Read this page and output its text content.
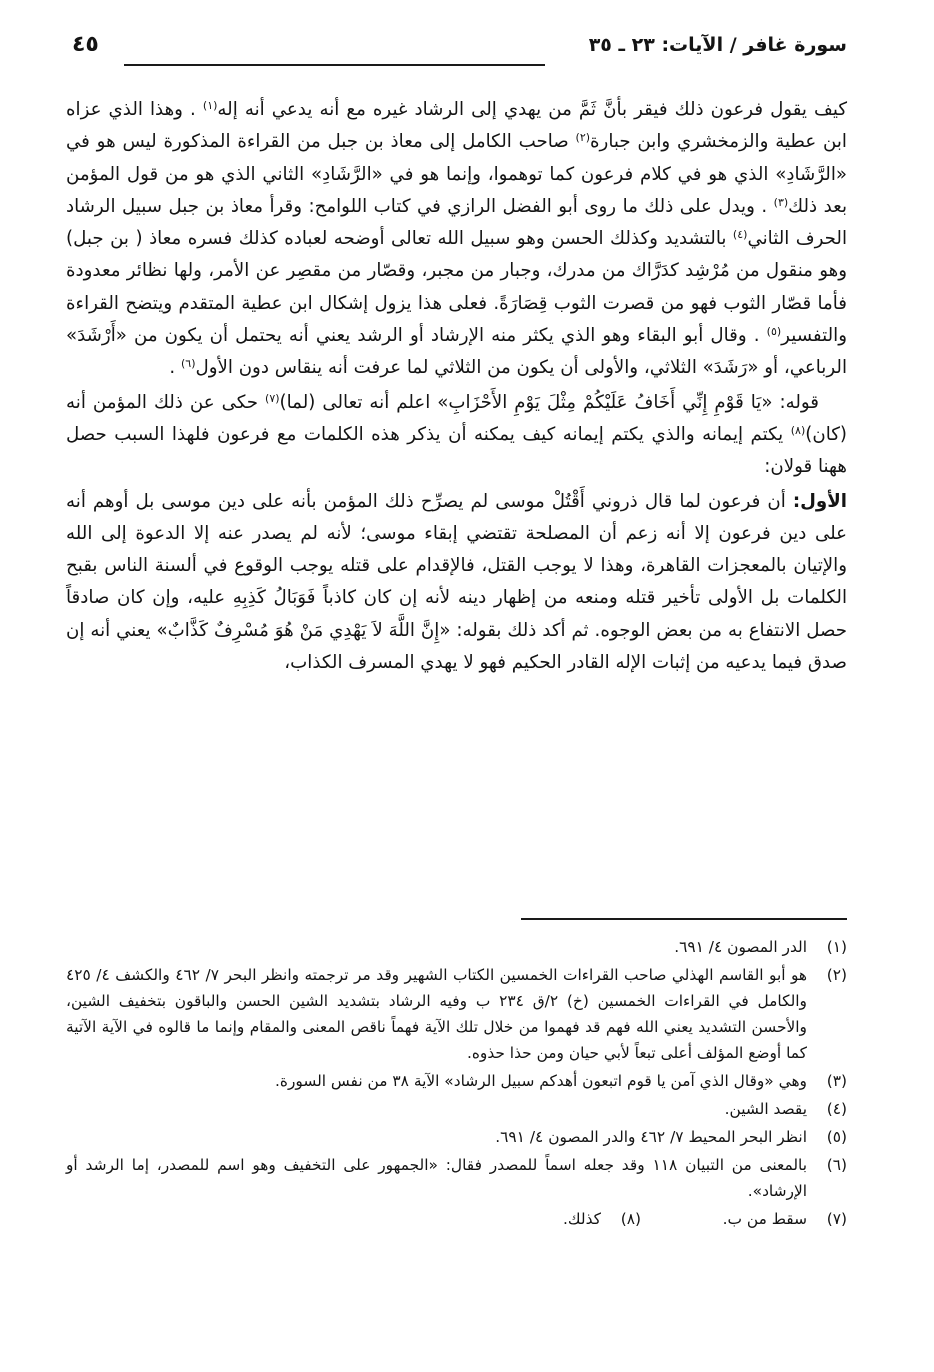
سورة غافر / الآيات: ٢٣ ـ ٣٥
٤٥

كيف يقول فرعون ذلك فيقر بأنَّ ثَمَّ من يهدي إلى الرشاد غيره مع أنه يدعي أنه إله$^{(١)}$ . وهذا الذي عزاه ابن عطية والزمخشري وابن جبارة$^{(٢)}$ صاحب الكامل إلى معاذ بن جبل من القراءة المذكورة ليس هو في «الرَّشَادِ» الذي هو في كلام فرعون كما توهموا، وإنما هو في «الرَّشَادِ» الثاني الذي هو من قول المؤمن بعد ذلك$^{(٣)}$ . ويدل على ذلك ما روى أبو الفضل الرازي في كتاب اللوامح: وقرأ معاذ بن جبل سبيل الرشاد الحرف الثاني$^{(٤)}$ بالتشديد وكذلك الحسن وهو سبيل الله تعالى أوضحه لعباده كذلك فسره معاذ ( بن جبل) وهو منقول من مُرْشِد كدَرَّاك من مدرك، وجبار من مجبر، وقصّار من مقصِر عن الأمر، ولها نظائر معدودة فأما قصّار الثوب فهو من قصرت الثوب قِصَارَةً. فعلى هذا يزول إشكال ابن عطية المتقدم ويتضح القراءة والتفسير$^{(٥)}$ . وقال أبو البقاء وهو الذي يكثر منه الإرشاد أو الرشد يعني أنه يحتمل أن يكون من «أَرْشَدَ» الرباعي، أو «رَشَدَ» الثلاثي، والأولى أن يكون من الثلاثي لما عرفت أنه ينقاس دون الأول$^{(٦)}$ .

قوله: «يَا قَوْمِ إِنِّي أَخَافُ عَلَيْكُمْ مِثْلَ يَوْمِ الأَحْزَابِ» اعلم أنه تعالى (لما)$^{(٧)}$ حكى عن ذلك المؤمن أنه (كان)$^{(٨)}$ يكتم إيمانه والذي يكتم إيمانه كيف يمكنه أن يذكر هذه الكلمات مع فرعون فلهذا السبب حصل ههنا قولان:

الأول: أن فرعون لما قال ذروني أَقْتُلْ موسى لم يصرِّح ذلك المؤمن بأنه على دين موسى بل أوهم أنه على دين فرعون إلا أنه زعم أن المصلحة تقتضي إبقاء موسى؛ لأنه لم يصدر عنه إلا الدعوة إلى الله والإتيان بالمعجزات القاهرة، وهذا لا يوجب القتل، فالإقدام على قتله يوجب الوقوع في ألسنة الناس بقبح الكلمات بل الأولى تأخير قتله ومنعه من إظهار دينه لأنه إن كان كاذباً فَوَبَالُ كَذِبِهِ عليه، وإن كان صادقاً حصل الانتفاع به من بعض الوجوه. ثم أكد ذلك بقوله: «إِنَّ اللَّهَ لاَ يَهْدِي مَنْ هُوَ مُسْرِفٌ كَذَّابٌ» يعني أنه إن صدق فيما يدعيه من إثبات الإله القادر الحكيم فهو لا يهدي المسرف الكذاب،

(١)
الدر المصون ٤/ ٦٩١.
(٢)
هو أبو القاسم الهذلي صاحب القراءات الخمسين الكتاب الشهير وقد مر ترجمته وانظر البحر ٧/ ٤٦٢ والكشف ٤/ ٤٢٥ والكامل في القراءات الخمسين (خ) ٢/ق ٢٣٤ ب وفيه الرشاد بتشديد الشين الحسن والباقون بتخفيف الشين، والأحسن التشديد يعني الله فهم قد فهموا من خلال تلك الآية فهماً ناقص المعنى والمقام وإنما ما قالوه في الآية الآتية كما أوضع المؤلف أعلى تبعاً لأبي حيان ومن حذا حذوه.
(٣)
وهي «وقال الذي آمن يا قوم اتبعون أهدكم سبيل الرشاد» الآية ٣٨ من نفس السورة.
(٤)
يقصد الشين.
(٥)
انظر البحر المحيط ٧/ ٤٦٢ والدر المصون ٤/ ٦٩١.
(٦)
بالمعنى من التبيان ١١٨ وقد جعله اسماً للمصدر فقال: «الجمهور على التخفيف وهو اسم للمصدر، إما الرشد أو الإرشاد».
(٧)
سقط من ب.
(٨)
كذلك.
